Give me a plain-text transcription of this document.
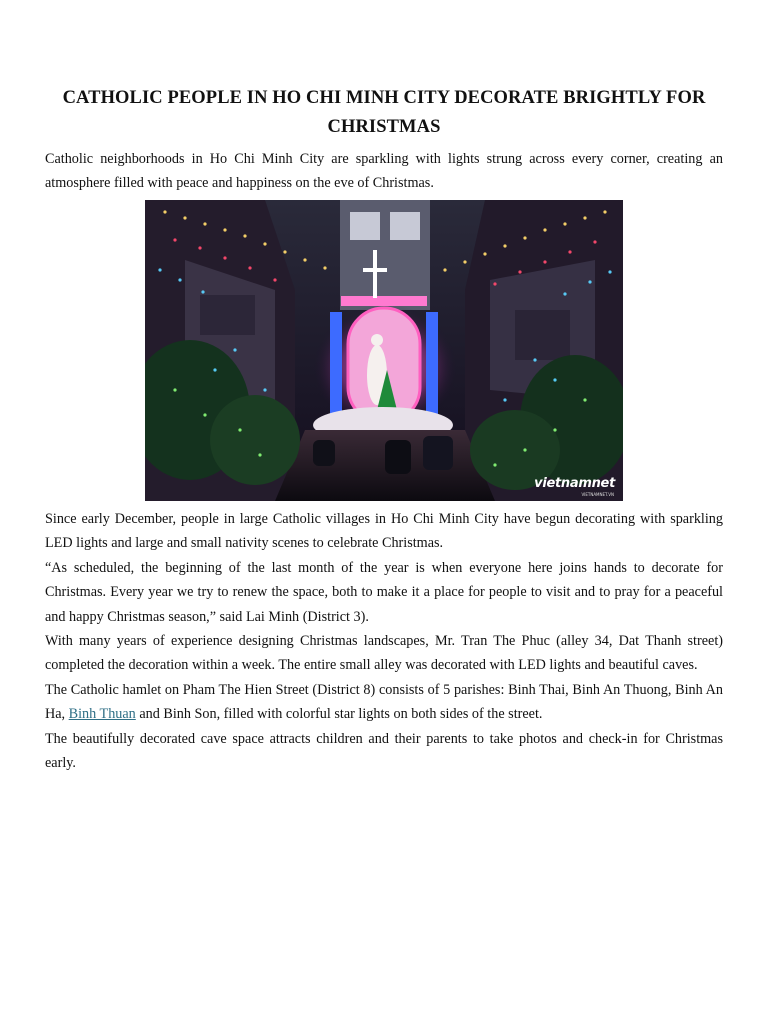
CATHOLIC PEOPLE IN HO CHI MINH CITY DECORATE BRIGHTLY FOR CHRISTMAS

Catholic neighborhoods in Ho Chi Minh City are sparkling with lights strung across every corner, creating an atmosphere filled with peace and happiness on the eve of Christmas.

vietnamnet
VIETNAMNET.VN

Since early December, people in large Catholic villages in Ho Chi Minh City have begun decorating with sparkling LED lights and large and small nativity scenes to celebrate Christmas.

“As scheduled, the beginning of the last month of the year is when everyone here joins hands to decorate for Christmas. Every year we try to renew the space, both to make it a place for people to visit and to pray for a peaceful and happy Christmas season,” said Lai Minh (District 3).

With many years of experience designing Christmas landscapes, Mr. Tran The Phuc (alley 34, Dat Thanh street) completed the decoration within a week. The entire small alley was decorated with LED lights and beautiful caves.

The Catholic hamlet on Pham The Hien Street (District 8) consists of 5 parishes: Binh Thai, Binh An Thuong, Binh An Ha, Binh Thuan and Binh Son, filled with colorful star lights on both sides of the street.

The beautifully decorated cave space attracts children and their parents to take photos and check-in for Christmas early.
